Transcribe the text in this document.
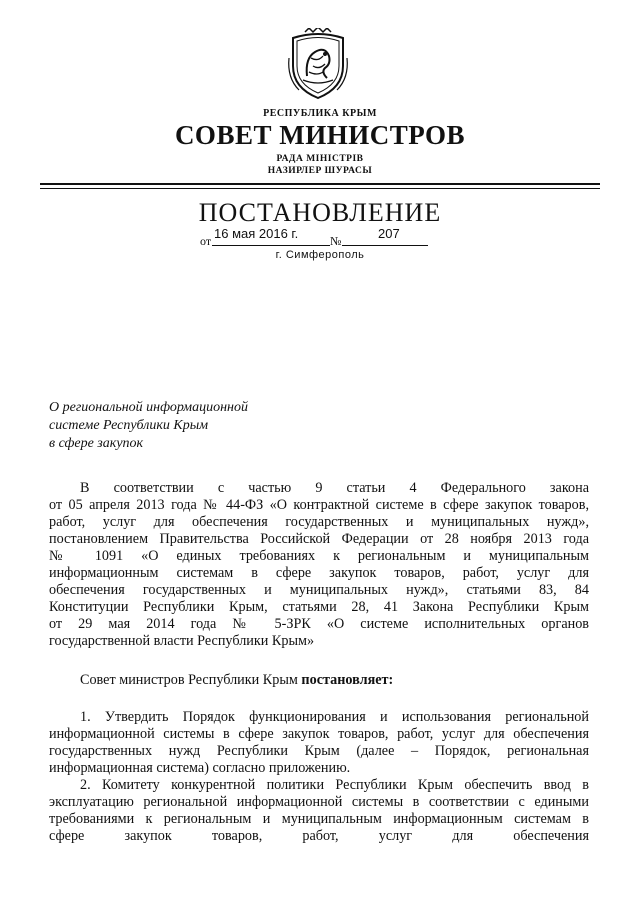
РЕСПУБЛИКА КРЫМ
СОВЕТ МИНИСТРОВ
РАДА МІНІСТРІВ
НАЗИРЛЕР ШУРАСЫ
ПОСТАНОВЛЕНИЕ
от 16 мая 2016 г.	№	207
г. Симферополь
О региональной информационной
системе Республики Крым
в сфере закупок
В соответствии с частью 9 статьи 4 Федерального закона
от 05 апреля 2013 года № 44-ФЗ «О контрактной системе в сфере закупок товаров,
работ, услуг для обеспечения государственных и муниципальных нужд»,
постановлением Правительства Российской Федерации от 28 ноября 2013 года
№ 1091 «О единых требованиях к региональным и муниципальным
информационным системам в сфере закупок товаров, работ, услуг для
обеспечения государственных и муниципальных нужд», статьями 83, 84
Конституции Республики Крым, статьями 28, 41 Закона Республики Крым
от 29 мая 2014 года № 5-ЗРК «О системе исполнительных органов
государственной власти Республики Крым»
Совет министров Республики Крым постановляет:
1. Утвердить Порядок функционирования и использования региональной
информационной системы в сфере закупок товаров, работ, услуг для обеспечения
государственных нужд Республики Крым (далее – Порядок, региональная
информационная система) согласно приложению.
2. Комитету конкурентной политики Республики Крым обеспечить ввод в
эксплуатацию региональной информационной системы в соответствии с едиными
требованиями к региональным и муниципальным информационным системам в
сфере закупок товаров, работ, услуг для обеспечения
